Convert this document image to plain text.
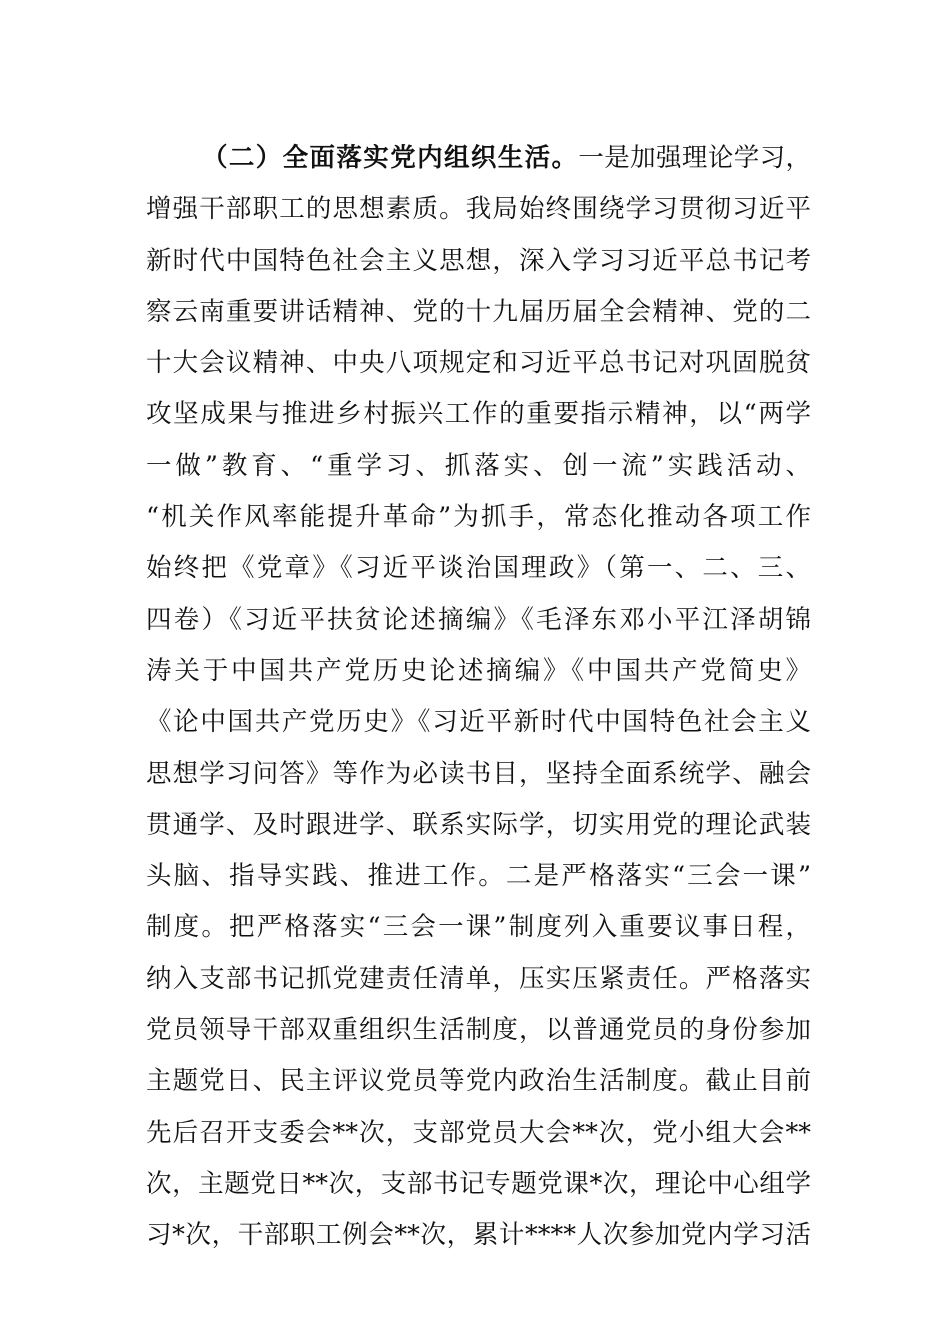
（二）全面落实党内组织生活。一是加强理论学习，
增强干部职工的思想素质。我局始终围绕学习贯彻习近平
新时代中国特色社会主义思想，深入学习习近平总书记考
察云南重要讲话精神、党的十九届历届全会精神、党的二
十大会议精神、中央八项规定和习近平总书记对巩固脱贫
攻坚成果与推进乡村振兴工作的重要指示精神，以“两学
一做”教育、“重学习、抓落实、创一流”实践活动、
“机关作风率能提升革命”为抓手，常态化推动各项工作
始终把《党章》《习近平谈治国理政》（第一、二、三、
四卷）《习近平扶贫论述摘编》《毛泽东邓小平江泽胡锦
涛关于中国共产党历史论述摘编》《中国共产党简史》
《论中国共产党历史》《习近平新时代中国特色社会主义
思想学习问答》等作为必读书目，坚持全面系统学、融会
贯通学、及时跟进学、联系实际学，切实用党的理论武装
头脑、指导实践、推进工作。二是严格落实“三会一课”
制度。把严格落实“三会一课”制度列入重要议事日程，
纳入支部书记抓党建责任清单，压实压紧责任。严格落实
党员领导干部双重组织生活制度，以普通党员的身份参加
主题党日、民主评议党员等党内政治生活制度。截止目前
先后召开支委会**次，支部党员大会**次，党小组大会**
次，主题党日**次，支部书记专题党课*次，理论中心组学
习*次，干部职工例会**次，累计****人次参加党内学习活
